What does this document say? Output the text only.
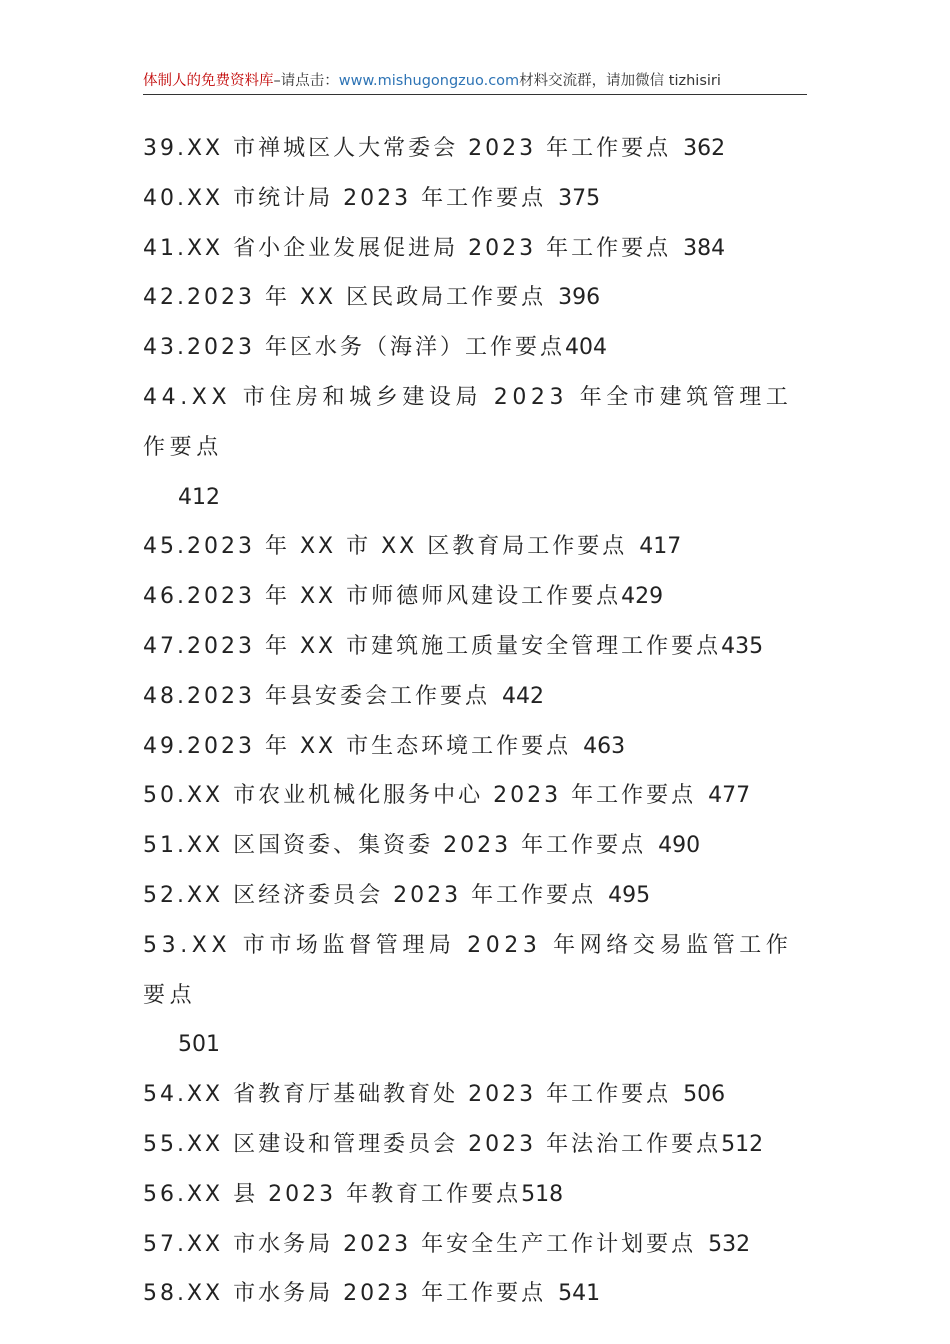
体制人的免费资料库–请点击：www.mishugongzuo.com材料交流群，请加微信 tizhisiri
39.XX 市禅城区人大常委会 2023 年工作要点 362
40.XX 市统计局 2023 年工作要点 375
41.XX 省小企业发展促进局 2023 年工作要点 384
42.2023 年 XX 区民政局工作要点 396
43.2023 年区水务（海洋）工作要点404
44.XX 市住房和城乡建设局 2023 年全市建筑管理工作要点
412
45.2023 年 XX 市 XX 区教育局工作要点 417
46.2023 年 XX 市师德师风建设工作要点429
47.2023 年 XX 市建筑施工质量安全管理工作要点435
48.2023 年县安委会工作要点 442
49.2023 年 XX 市生态环境工作要点 463
50.XX 市农业机械化服务中心 2023 年工作要点 477
51.XX 区国资委、集资委 2023 年工作要点 490
52.XX 区经济委员会 2023 年工作要点 495
53.XX 市市场监督管理局 2023 年网络交易监管工作要点
501
54.XX 省教育厅基础教育处 2023 年工作要点 506
55.XX 区建设和管理委员会 2023 年法治工作要点512
56.XX 县 2023 年教育工作要点518
57.XX 市水务局 2023 年安全生产工作计划要点 532
58.XX 市水务局 2023 年工作要点 541
